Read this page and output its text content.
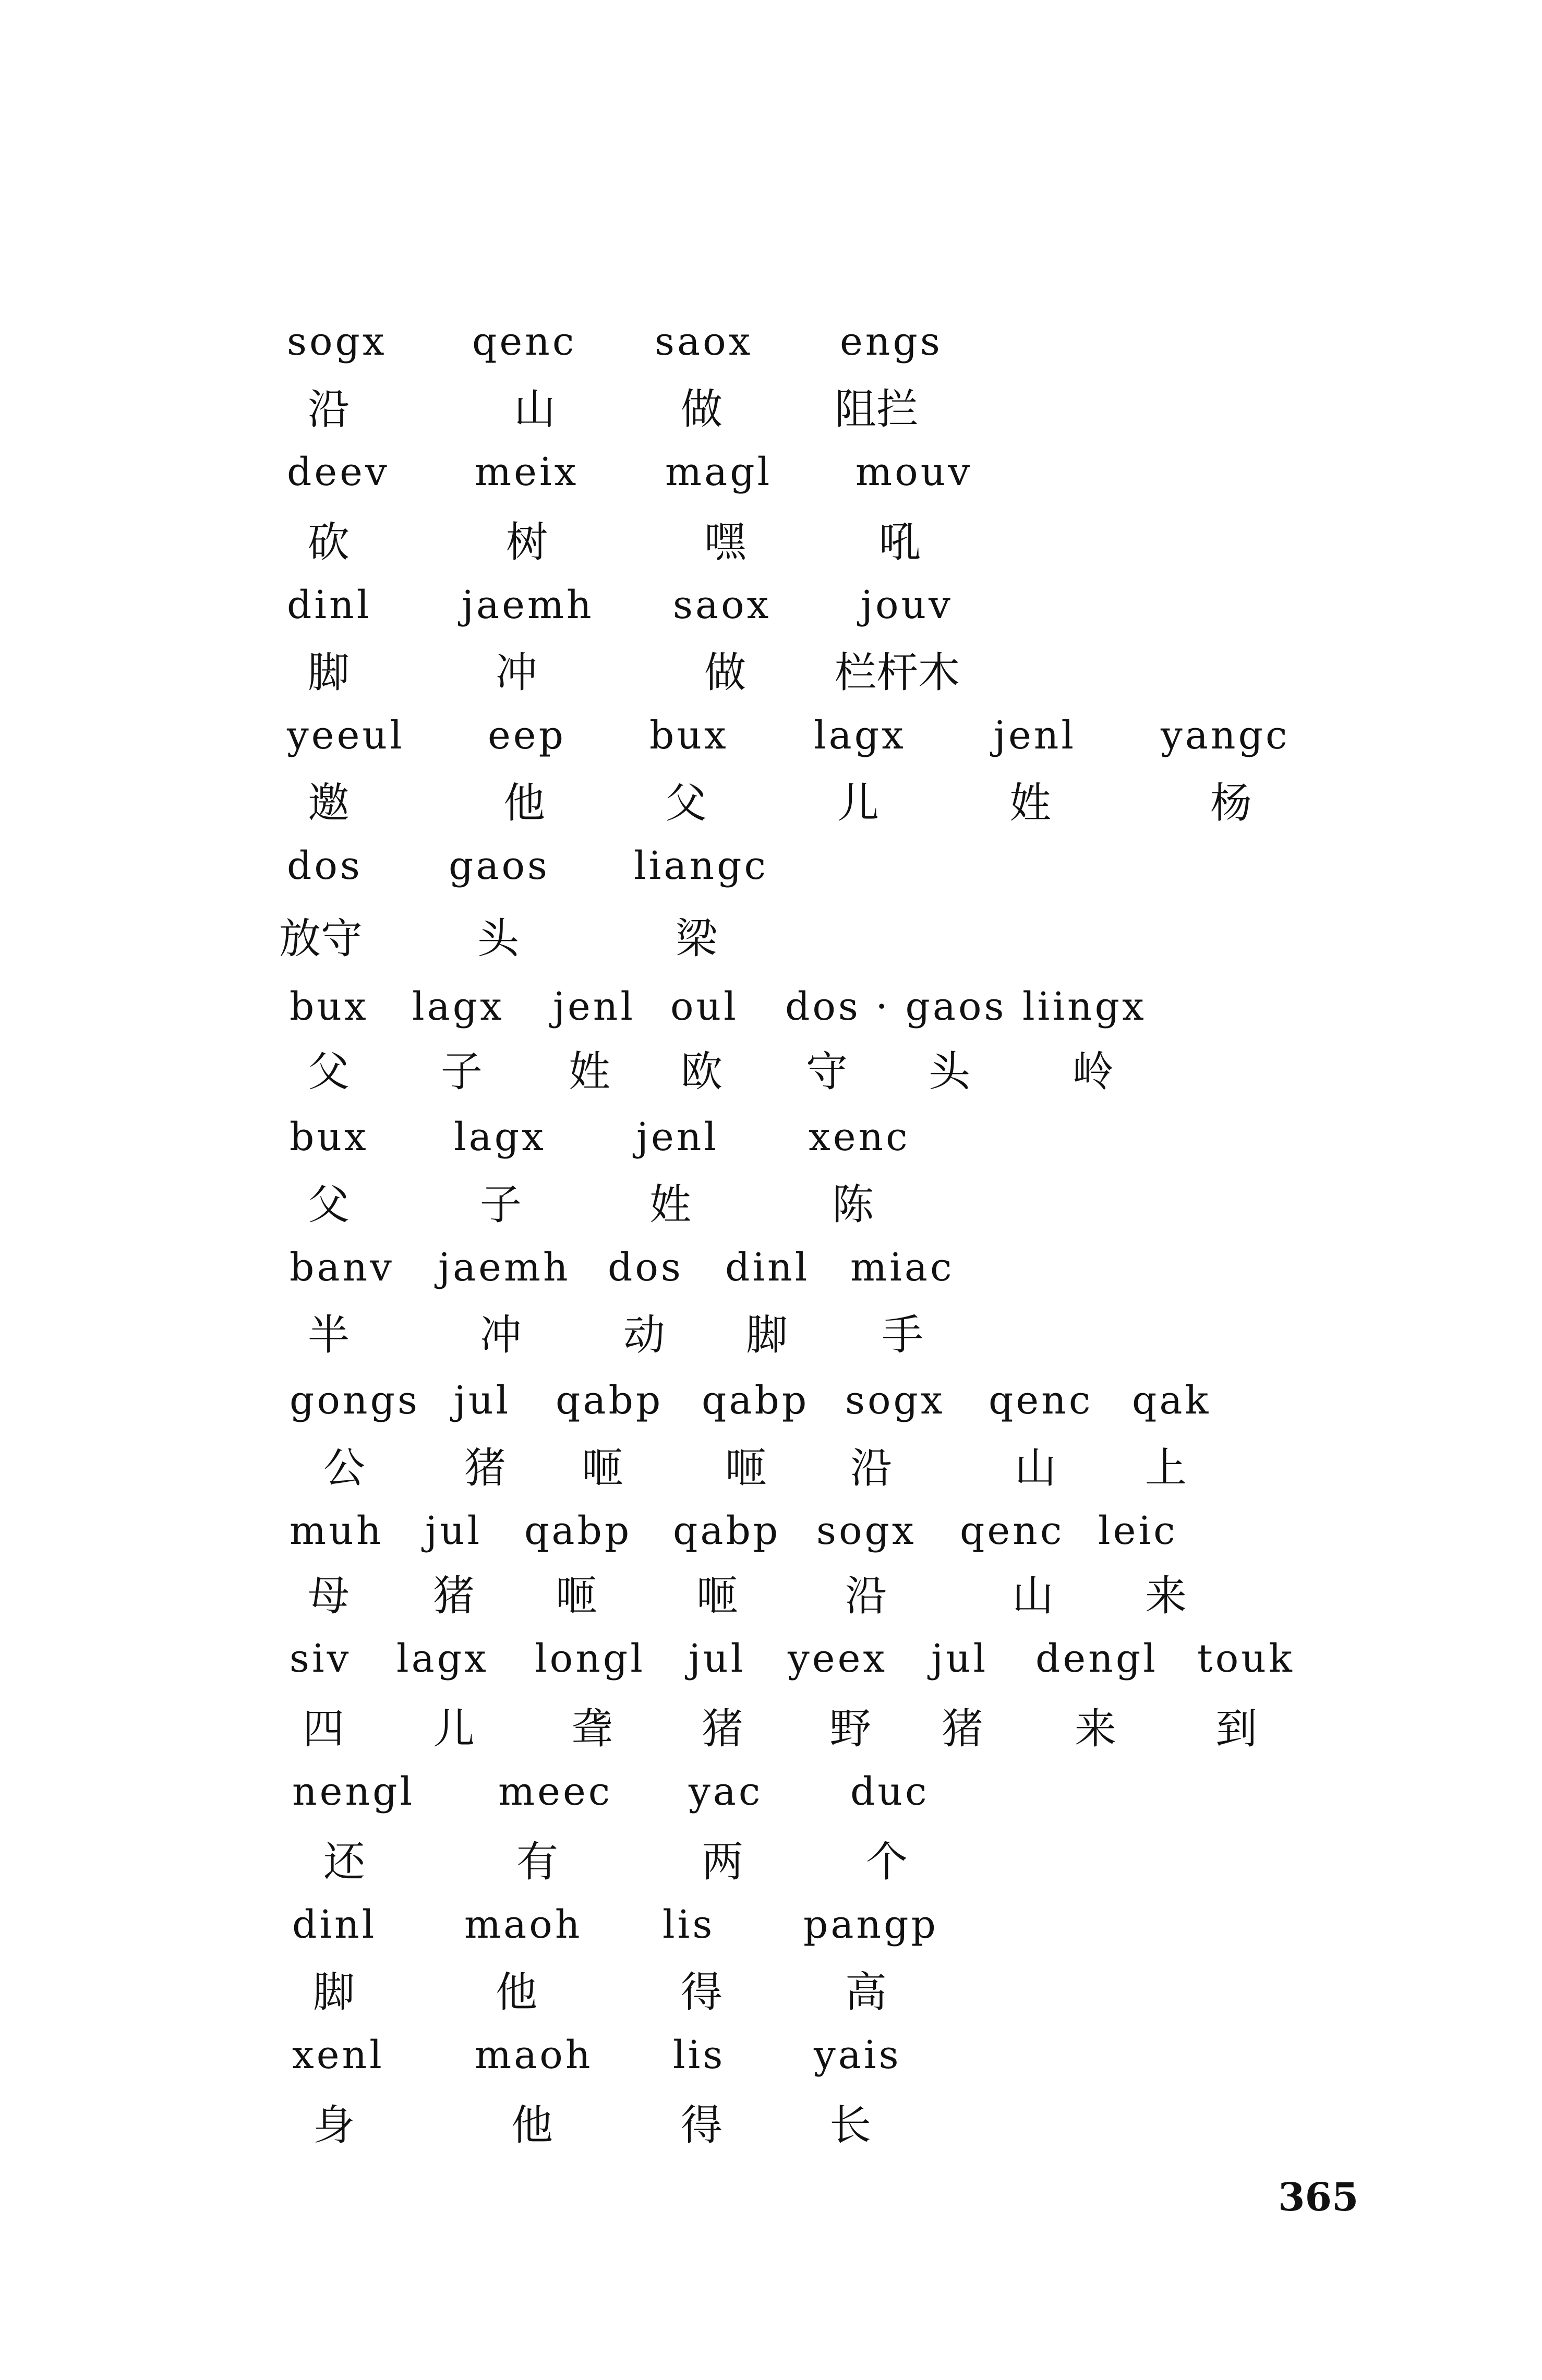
sogx qenc saox engs
沿	山	做	阻拦
deev meix magl mouv
砍	树	嘿	吼
dinl jaemh saox jouv
脚	冲	做 栏杆木
yeeul eep bux lagx jenl yangc
邀	他	父	儿	姓	杨
dos gaos liangc
放守	头	梁
bux lagx jenl oul dos · gaos liingx
父 子 姓 欧 守 头 岭
bux lagx jenl xenc
父	子	姓	陈
banv jaemh dos dinl miac
半	冲 动 脚 手
gongs jul qabp qabp sogx qenc qak
公 猪 咂 咂 沿	山 上
muh jul qabp qabp sogx qenc leic
母 猪 咂 咂	沿	山 来
siv lagx longl jul yeex jul dengl touk
四 儿 聋 猪 野 猪 来 到
nengl meec yac duc
还	有	两	个
dinl maoh lis pangp
脚	他	得	高
xenl maoh lis yais
身	他	得	长
365
